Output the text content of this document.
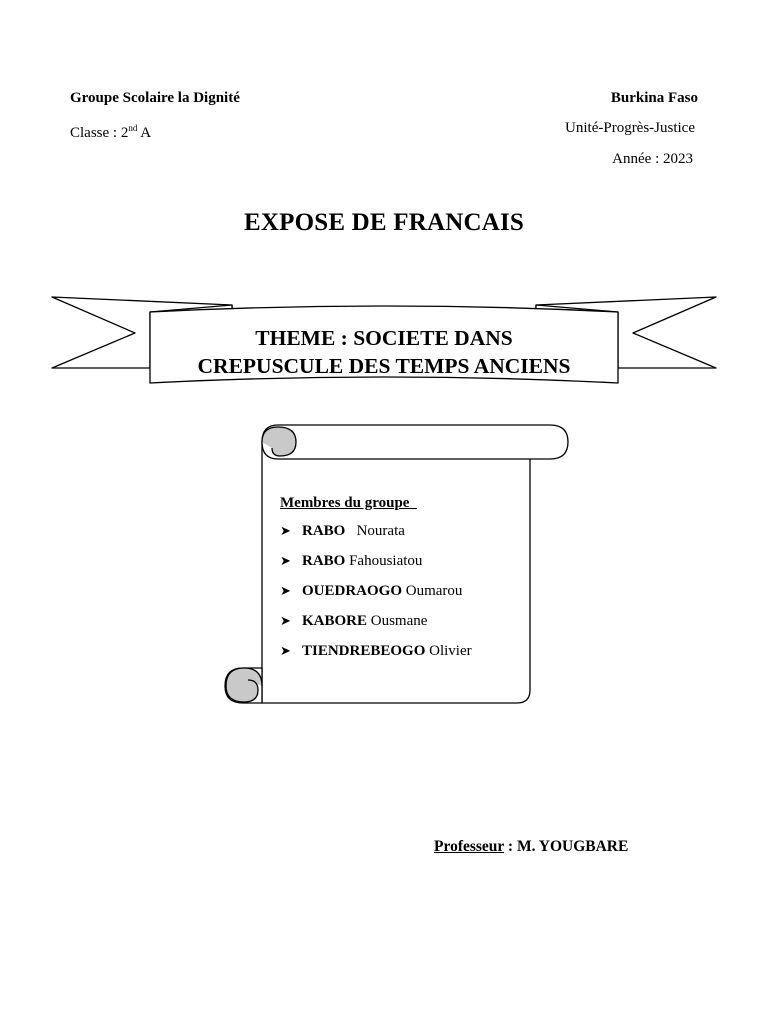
Groupe Scolaire la Dignité
Classe : 2nd A
Burkina Faso
Unité-Progrès-Justice
Année : 2023
EXPOSE DE FRANCAIS
THEME : SOCIETE DANS
CREPUSCULE DES TEMPS ANCIENS
Membres du groupe
➤ RABO Nourata
➤ RABO Fahousiatou
➤ OUEDRAOGO Oumarou
➤ KABORE Ousmane
➤ TIENDREBEOGO Olivier
Professeur : M. YOUGBARE
